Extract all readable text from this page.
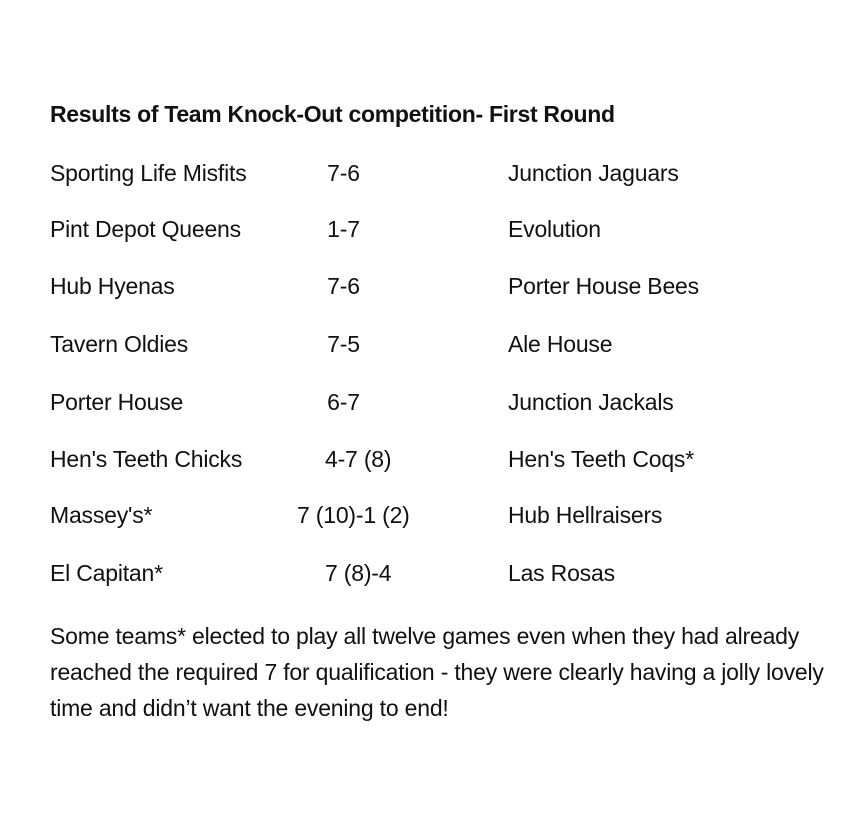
Results of Team Knock-Out competition- First Round
Sporting Life Misfits	7-6	Junction Jaguars
Pint Depot Queens	1-7	Evolution
Hub Hyenas	7-6	Porter House Bees
Tavern Oldies	7-5	Ale House
Porter House	6-7	Junction Jackals
Hen's Teeth Chicks	4-7 (8)	Hen's Teeth Coqs*
Massey's*	7 (10)-1 (2)	Hub Hellraisers
El Capitan*	7 (8)-4	Las Rosas
Some teams* elected to play all twelve games even when they had already reached the required 7 for qualification - they were clearly having a jolly lovely time and didn’t want the evening to end!
